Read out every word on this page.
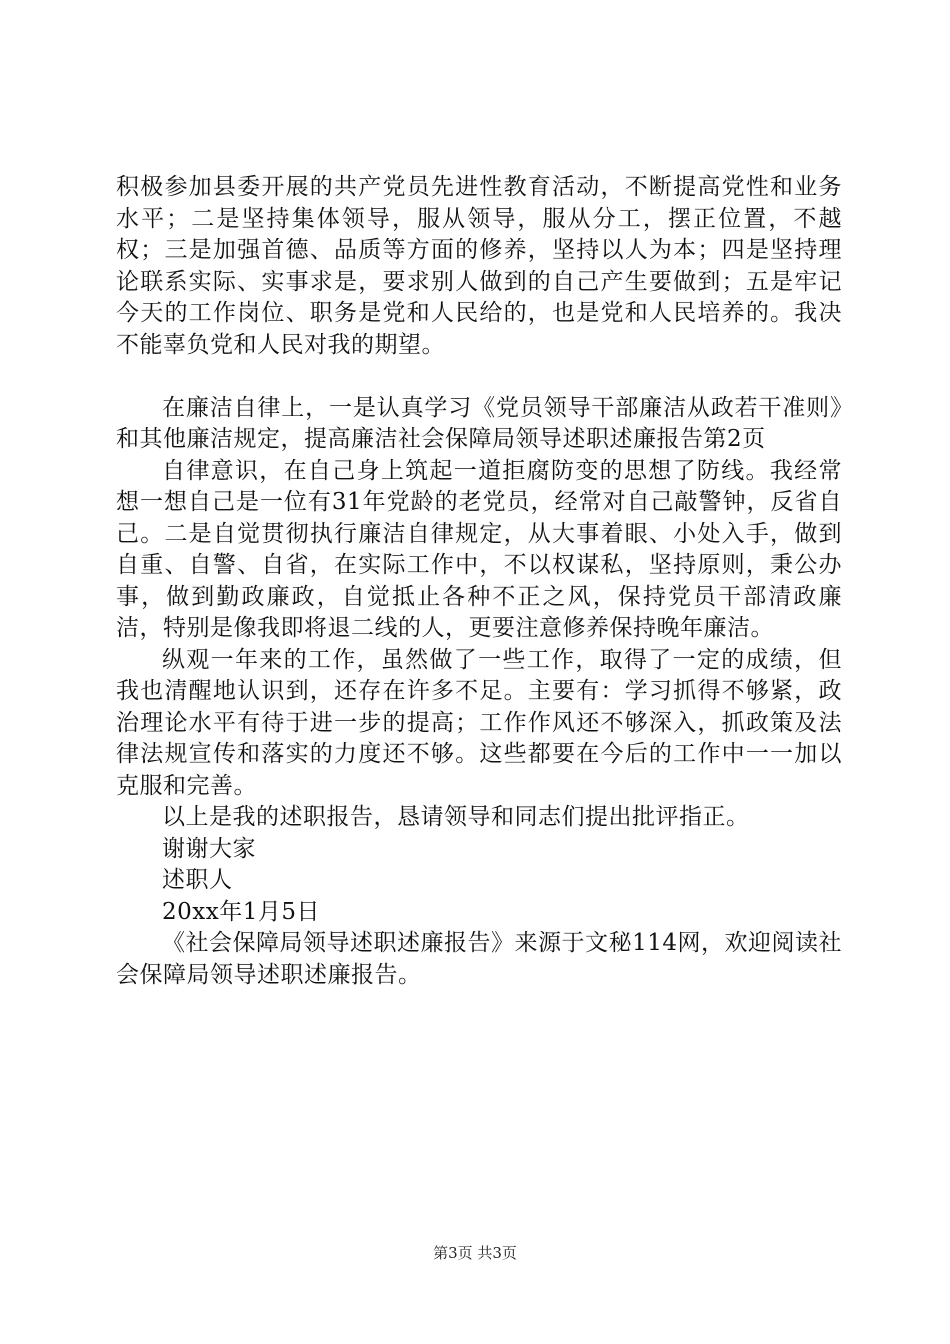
积极参加县委开展的共产党员先进性教育活动，不断提高党性和业务水平；二是坚持集体领导，服从领导，服从分工，摆正位置，不越权；三是加强首德、品质等方面的修养，坚持以人为本；四是坚持理论联系实际、实事求是，要求别人做到的自己产生要做到；五是牢记今天的工作岗位、职务是党和人民给的，也是党和人民培养的。我决不能辜负党和人民对我的期望。

在廉洁自律上，一是认真学习《党员领导干部廉洁从政若干准则》和其他廉洁规定，提高廉洁社会保障局领导述职述廉报告第2页

自律意识，在自己身上筑起一道拒腐防变的思想了防线。我经常想一想自己是一位有31年党龄的老党员，经常对自己敲警钟，反省自己。二是自觉贯彻执行廉洁自律规定，从大事着眼、小处入手，做到自重、自警、自省，在实际工作中，不以权谋私，坚持原则，秉公办事，做到勤政廉政，自觉抵止各种不正之风，保持党员干部清政廉洁，特别是像我即将退二线的人，更要注意修养保持晚年廉洁。

纵观一年来的工作，虽然做了一些工作，取得了一定的成绩，但我也清醒地认识到，还存在许多不足。主要有：学习抓得不够紧，政治理论水平有待于进一步的提高；工作作风还不够深入，抓政策及法律法规宣传和落实的力度还不够。这些都要在今后的工作中一一加以克服和完善。

以上是我的述职报告，恳请领导和同志们提出批评指正。

谢谢大家

述职人

20xx年1月5日

《社会保障局领导述职述廉报告》来源于文秘114网，欢迎阅读社会保障局领导述职述廉报告。

第3页 共3页
